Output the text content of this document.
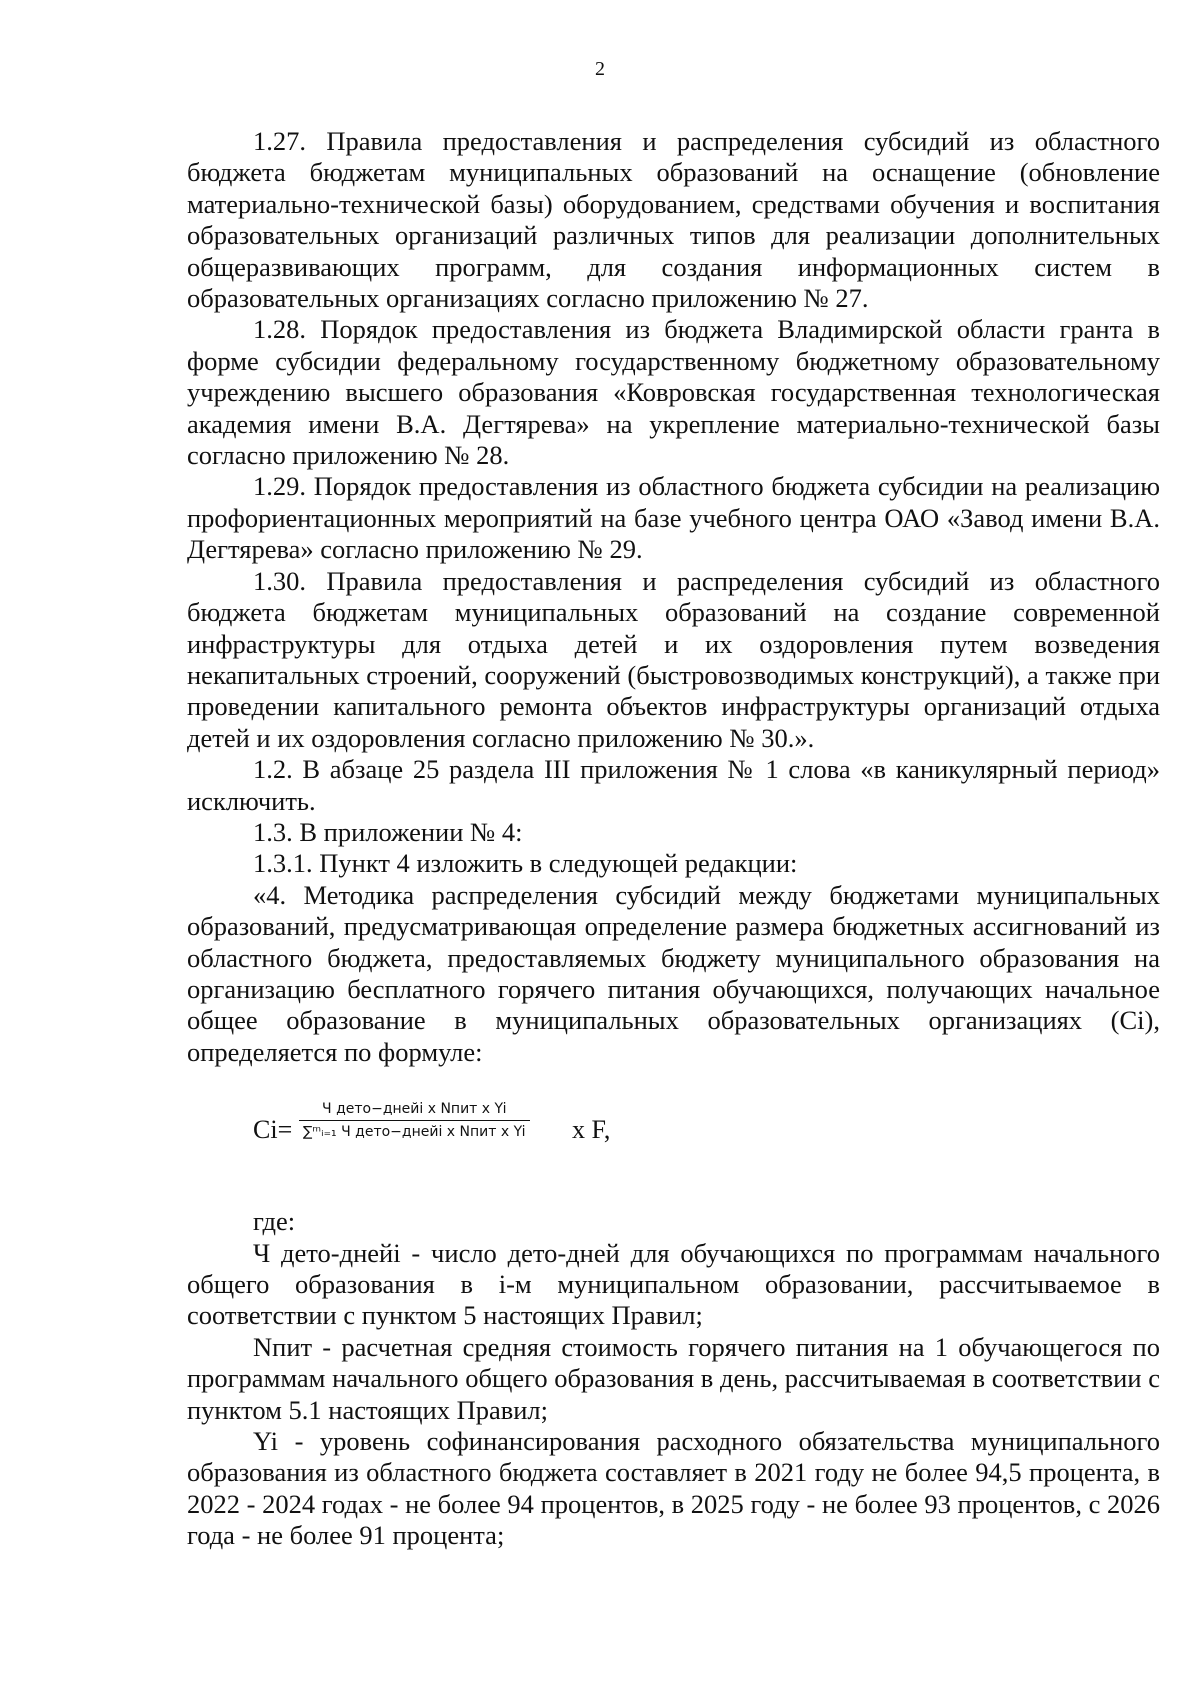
2

1.27. Правила предоставления и распределения субсидий из областного бюджета бюджетам муниципальных образований на оснащение (обновление материально-технической базы) оборудованием, средствами обучения и воспитания образовательных организаций различных типов для реализации дополнительных общеразвивающих программ, для создания информационных систем в образовательных организациях согласно приложению № 27.

1.28. Порядок предоставления из бюджета Владимирской области гранта в форме субсидии федеральному государственному бюджетному образовательному учреждению высшего образования «Ковровская государственная технологическая академия имени В.А. Дегтярева» на укрепление материально-технической базы согласно приложению № 28.

1.29. Порядок предоставления из областного бюджета субсидии на реализацию профориентационных мероприятий на базе учебного центра ОАО «Завод имени В.А. Дегтярева» согласно приложению № 29.

1.30. Правила предоставления и распределения субсидий из областного бюджета бюджетам муниципальных образований на создание современной инфраструктуры для отдыха детей и их оздоровления путем возведения некапитальных строений, сооружений (быстровозводимых конструкций), а также при проведении капитального ремонта объектов инфраструктуры организаций отдыха детей и их оздоровления согласно приложению № 30.».

1.2. В абзаце 25 раздела III приложения № 1 слова «в каникулярный период» исключить.

1.3. В приложении № 4:

1.3.1. Пункт 4 изложить в следующей редакции:

«4. Методика распределения субсидий между бюджетами муниципальных образований, предусматривающая определение размера бюджетных ассигнований из областного бюджета, предоставляемых бюджету муниципального образования на организацию бесплатного горячего питания обучающихся, получающих начальное общее образование в муниципальных образовательных организациях (Ci), определяется по формуле:

Ci=
Ч дето−днейi x Nпит x Yi
∑ᵐᵢ₌₁ Ч дето−днейi x Nпит x Yi x F,

где:

Ч дето-днейi - число дето-дней для обучающихся по программам начального общего образования в i-м муниципальном образовании, рассчитываемое в соответствии с пунктом 5 настоящих Правил;

Nпит - расчетная средняя стоимость горячего питания на 1 обучающегося по программам начального общего образования в день, рассчитываемая в соответствии с пунктом 5.1 настоящих Правил;

Yi - уровень софинансирования расходного обязательства муниципального образования из областного бюджета составляет в 2021 году не более 94,5 процента, в 2022 - 2024 годах - не более 94 процентов, в 2025 году - не более 93 процентов, с 2026 года - не более 91 процента;
